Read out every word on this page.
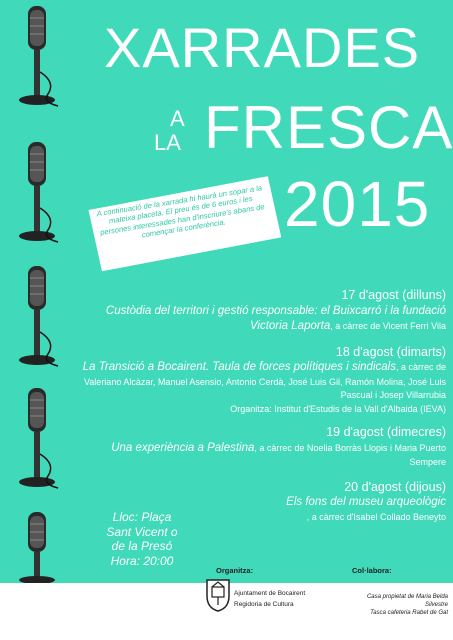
XARRADES
A
LA FRESCA
2015
A continuació de la xarrada hi haurà un sopar a la mateixa placeta. El preu és de 6 euros i les persones interessades han d'inscriure's abans de començar la conferència.
17 d'agost (dilluns)
Custòdia del territori i gestió responsable: el Buixcarró i la fundació Victoria Laporta, a càrrec de Vicent Ferri Vila
18 d'agost (dimarts)
La Transició a Bocairent. Taula de forces polítiques i sindicals, a càrrec de Valeriano Alcàzar, Manuel Asensio, Antonio Cerdà, José Luis Gil, Ramón Molina, José Luis Pascual i Josep Villarrubia
Organitza: Institut d'Estudis de la Vall d'Albaida (IEVA)
19 d'agost (dimecres)
Una experiència a Palestina, a càrrec de Noelia Borràs Llopis i Maria Puerto Sempere
20 d'agost (dijous)
Els fons del museu arqueològic
, a càrrec d'Isabel Collado Beneyto
Lloc: Plaça
Sant Vicent o
de la Presó
Hora: 20:00
Organitza:
Ajuntament de Bocairent
Regidoria de Cultura
Col·labora:
Casa propietat de Maria Belda
Silvestre
Tasca cafeteria Rabet de Gat
